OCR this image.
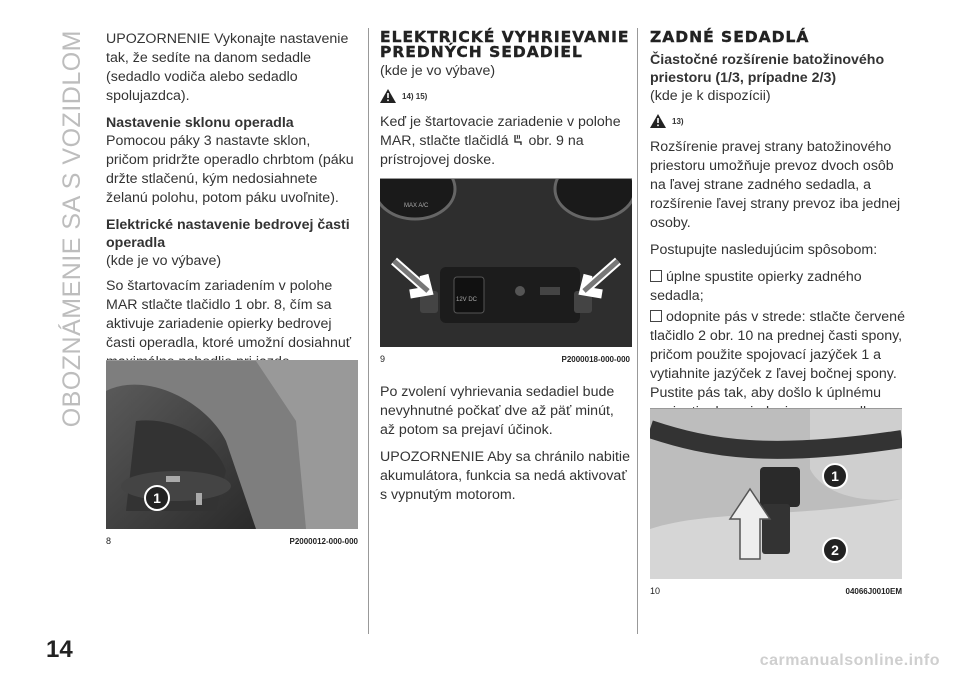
OBOZNÁMENIE SA S VOZIDLOM
14

UPOZORNENIE Vykonajte nastavenie tak, že sedíte na danom sedadle (sedadlo vodiča alebo sedadlo spolujazdca).

Nastavenie sklonu operadla

Pomocou páky 3 nastavte sklon, pričom pridržte operadlo chrbtom (páku držte stlačenú, kým nedosiahnete želanú polohu, potom páku uvoľnite).

Elektrické nastavenie bedrovej časti operadla

(kde je vo výbave)

So štartovacím zariadením v polohe MAR stlačte tlačidlo 1 obr. 8, čím sa aktivuje zariadenie opierky bedrovej časti operadla, ktoré umožní dosiahnuť

1
8	P2000012-000-000
ELEKTRICKÉ VYHRIEVANIE PREDNÝCH SEDADIEL

(kde je vo výbave)

14) 15)

Keď je štartovacie zariadenie v polohe MAR, stlačte tlačidlá obr. 9 na prístrojovej doske.

MAX A/C
12V DC
9	P2000018-000-000

Po zvolení vyhrievania sedadiel bude nevyhnutné počkať dve až päť minút, až potom sa prejaví účinok.

UPOZORNENIE Aby sa chránilo nabitie akumulátora, funkcia sa nedá aktivovať s vypnutým motorom.

ZADNÉ SEDADLÁ

Čiastočné rozšírenie batožinového priestoru (1/3, prípadne 2/3)

(kde je k dispozícii)

13)

Rozšírenie pravej strany batožinového priestoru umožňuje prevoz dvoch osôb na ľavej strane zadného sedadla, a rozšírenie ľavej strany prevoz iba jednej osoby.

Postupujte nasledujúcim spôsobom:

úplne spustite opierky zadného sedadla;

odopnite pás v strede: stlačte červené tlačidlo 2 obr. 10 na prednej časti spony, pričom použite spojovací jazýček 1 a vytiahnite jazýček z ľavej bočnej spony. Pustite pás tak, aby došlo k úplnému

1
2
10	04066J0010EM
carmanualsonline.info
